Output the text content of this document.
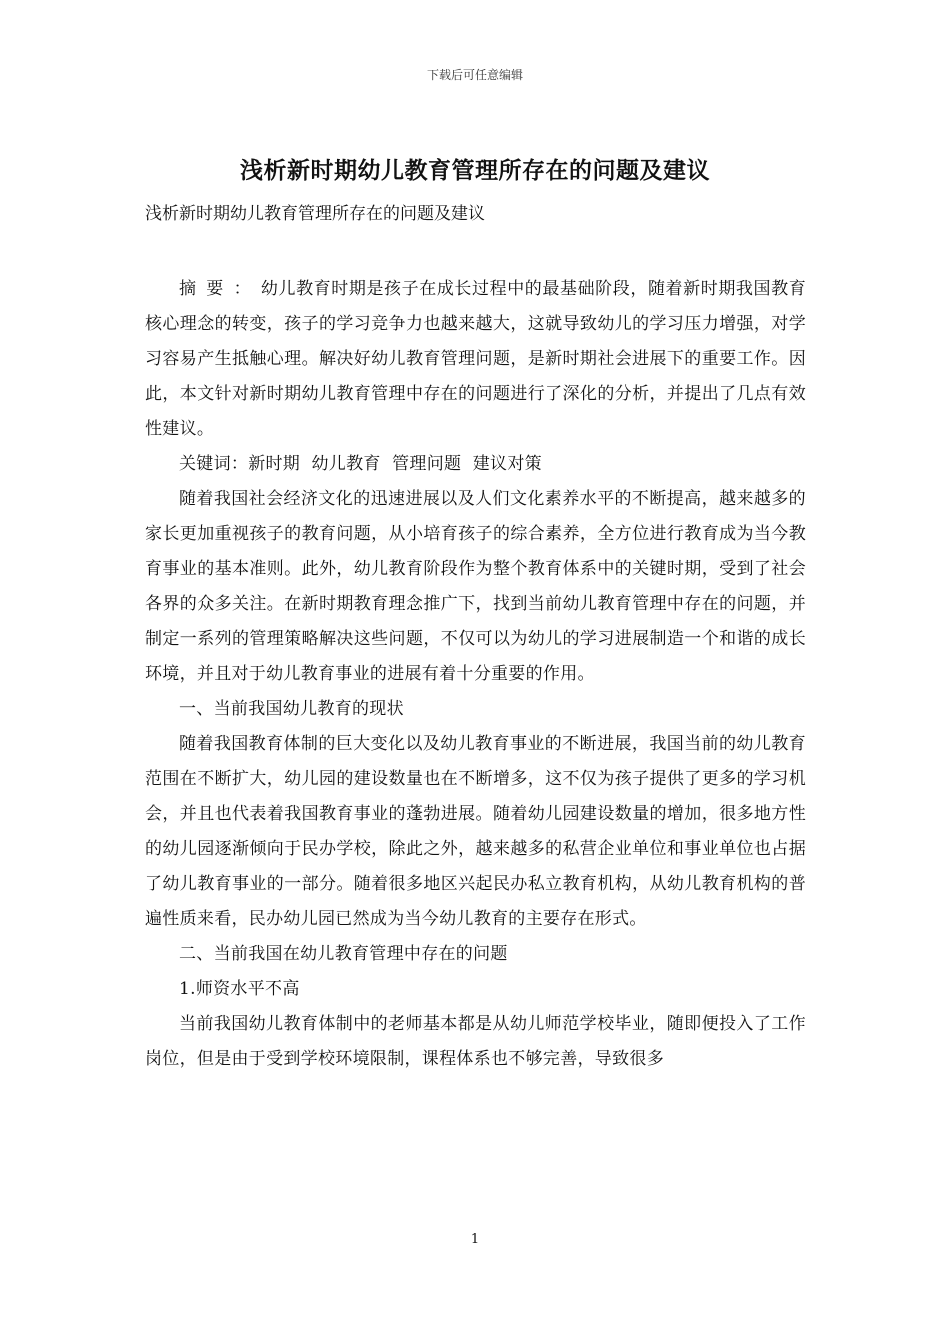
下载后可任意编辑
浅析新时期幼儿教育管理所存在的问题及建议

浅析新时期幼儿教育管理所存在的问题及建议

摘要：幼儿教育时期是孩子在成长过程中的最基础阶段，随着新时期我国教育核心理念的转变，孩子的学习竞争力也越来越大，这就导致幼儿的学习压力增强，对学习容易产生抵触心理。解决好幼儿教育管理问题，是新时期社会进展下的重要工作。因此，本文针对新时期幼儿教育管理中存在的问题进行了深化的分析，并提出了几点有效性建议。

关键词：新时期  幼儿教育  管理问题  建议对策

随着我国社会经济文化的迅速进展以及人们文化素养水平的不断提高，越来越多的家长更加重视孩子的教育问题，从小培育孩子的综合素养，全方位进行教育成为当今教育事业的基本准则。此外，幼儿教育阶段作为整个教育体系中的关键时期，受到了社会各界的众多关注。在新时期教育理念推广下，找到当前幼儿教育管理中存在的问题，并制定一系列的管理策略解决这些问题，不仅可以为幼儿的学习进展制造一个和谐的成长环境，并且对于幼儿教育事业的进展有着十分重要的作用。

一、当前我国幼儿教育的现状

随着我国教育体制的巨大变化以及幼儿教育事业的不断进展，我国当前的幼儿教育范围在不断扩大，幼儿园的建设数量也在不断增多，这不仅为孩子提供了更多的学习机会，并且也代表着我国教育事业的蓬勃进展。随着幼儿园建设数量的增加，很多地方性的幼儿园逐渐倾向于民办学校，除此之外，越来越多的私营企业单位和事业单位也占据了幼儿教育事业的一部分。随着很多地区兴起民办私立教育机构，从幼儿教育机构的普遍性质来看，民办幼儿园已然成为当今幼儿教育的主要存在形式。

二、当前我国在幼儿教育管理中存在的问题

1.师资水平不高

当前我国幼儿教育体制中的老师基本都是从幼儿师范学校毕业，随即便投入了工作岗位，但是由于受到学校环境限制，课程体系也不够完善，导致很多

1
